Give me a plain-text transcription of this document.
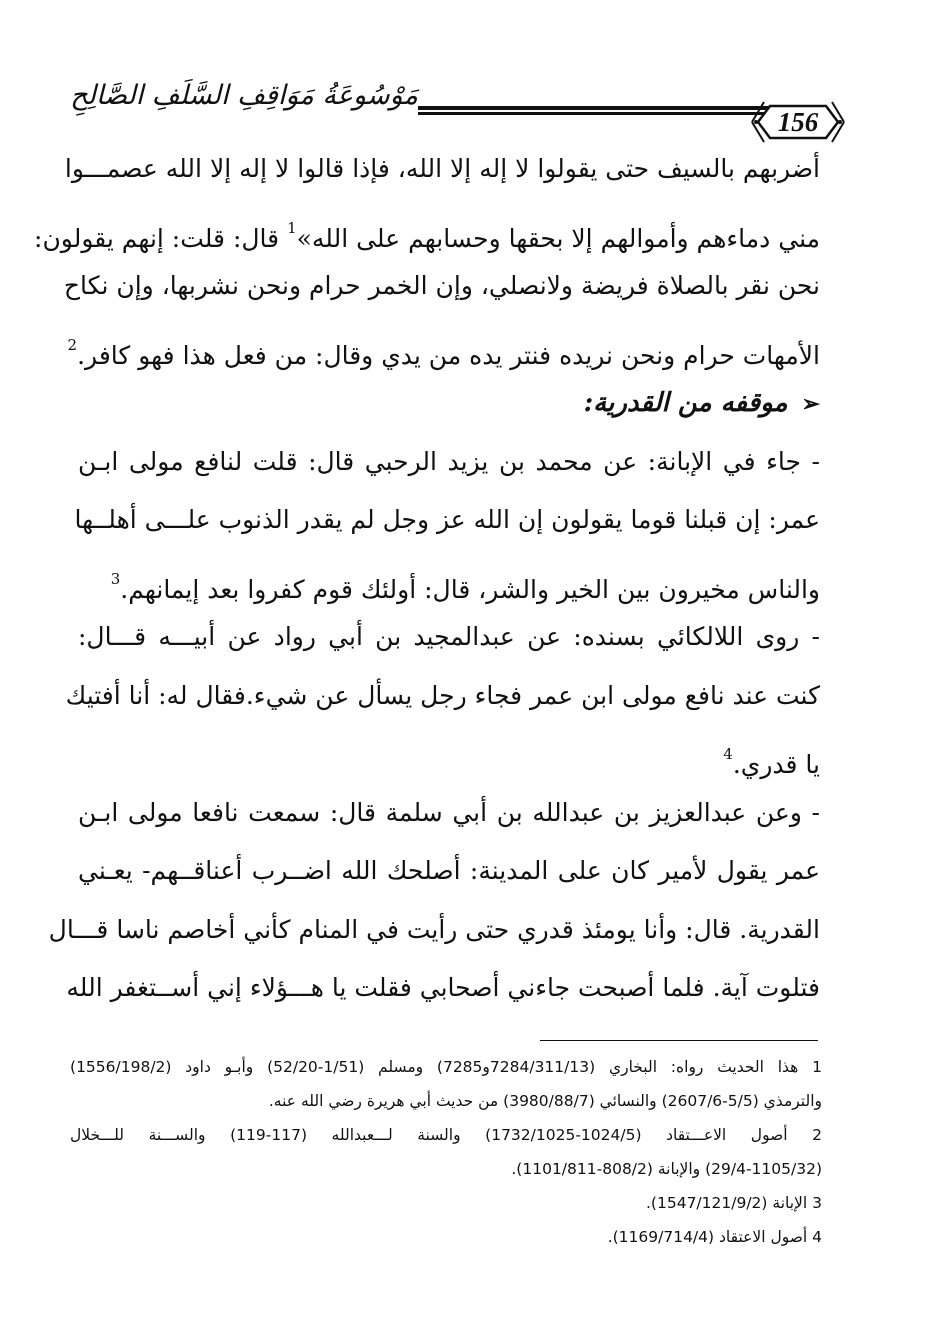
مَوْسُوعَةُ مَوَاقِفِ السَّلَفِ الصَّالِحِ
156
أضربهم بالسيف حتى يقولوا لا إله إلا الله، فإذا قالوا لا إله إلا الله عصمـــوا
مني دماءهم وأموالهم إلا بحقها وحسابهم على الله»$^1$ قال: قلت: إنهم يقولون:
نحن نقر بالصلاة فريضة ولانصلي، وإن الخمر حرام ونحن نشربها، وإن نكاح
الأمهات حرام ونحن نريده فنتر يده من يدي وقال: من فعل هذا فهو كافر.$^2$
➢موقفه من القدرية:
- جاء في الإبانة: عن محمد بن يزيد الرحبي قال: قلت لنافع مولى ابـن
عمر: إن قبلنا قوما يقولون إن الله عز وجل لم يقدر الذنوب علـــى أهلــها
والناس مخيرون بين الخير والشر، قال: أولئك قوم كفروا بعد إيمانهم.$^3$
- روى اللالكائي بسنده: عن عبدالمجيد بن أبي رواد عن أبيـــه قـــال:
كنت عند نافع مولى ابن عمر فجاء رجل يسأل عن شيء.فقال له: أنا أفتيك
يا قدري.$^4$
- وعن عبدالعزيز بن عبدالله بن أبي سلمة قال: سمعت نافعا مولى ابـن
عمر يقول لأمير كان على المدينة: أصلحك الله اضــرب أعناقــهم- يعـني
القدرية. قال: وأنا يومئذ قدري حتى رأيت في المنام كأني أخاصم ناسا قـــال
فتلوت آية. فلما أصبحت جاءني أصحابي فقلت يا هـــؤلاء إني أســتغفر الله
1 هذا الحديث رواه: البخاري (7284/311/13و7285) ومسلم (1/51-52/20) وأبـو داود (1556/198/2)
والترمذي (5/5-2607/6) والنسائي (3980/88/7) من حديث أبي هريرة رضي الله عنه.
2 أصول الاعـــتقاد (1024/5-1732/1025) والسنة لـــعبدالله (117-119) والســـنة للـــخلال
(29/4-1105/32) والإبانة (808/2-1101/811).
3 الإبانة (1547/121/9/2).
4 أصول الاعتقاد (1169/714/4).
